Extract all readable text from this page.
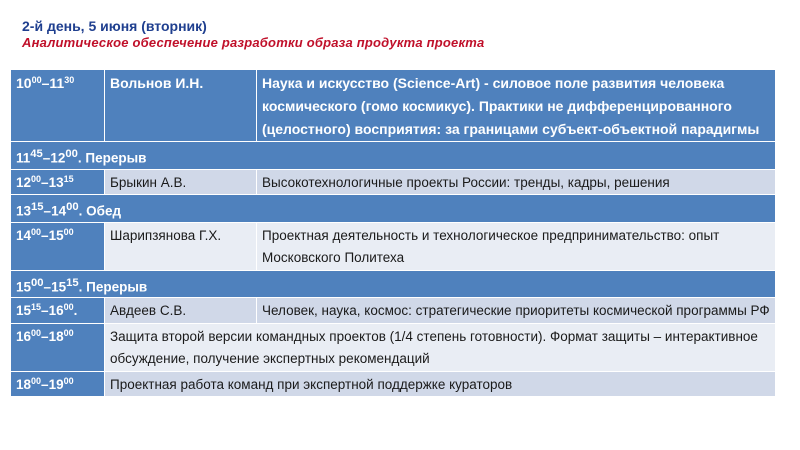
2-й день, 5 июня (вторник)
Аналитическое обеспечение разработки образа продукта проекта
$10^{00}-11^{30}$	Вольнов И.Н.	Наука и искусство (Science-Art) - силовое поле развития человека космического (гомо космикус). Практики не дифференцированного (целостного) восприятия: за границами субъект-объектной парадигмы
$11^{45}-12^{00}$. Перерыв		
$12^{00}-13^{15}$	Брыкин А.В.	Высокотехнологичные проекты России: тренды, кадры, решения
$13^{15}-14^{00}$. Обед		
$14^{00}-15^{00}$	Шарипзянова Г.Х.	Проектная деятельность и технологическое предпринимательство: опыт Московского Политеха
$15^{00}-15^{15}$. Перерыв		
$15^{15}-16^{00}$.	Авдеев С.В.	Человек, наука, космос: стратегические приоритеты космической программы РФ
$16^{00}-18^{00}$	Защита второй версии командных проектов (1/4 степень готовности). Формат защиты – интерактивное обсуждение, получение экспертных рекомендаций	
$18^{00}-19^{00}$	Проектная работа команд при экспертной поддержке кураторов	
